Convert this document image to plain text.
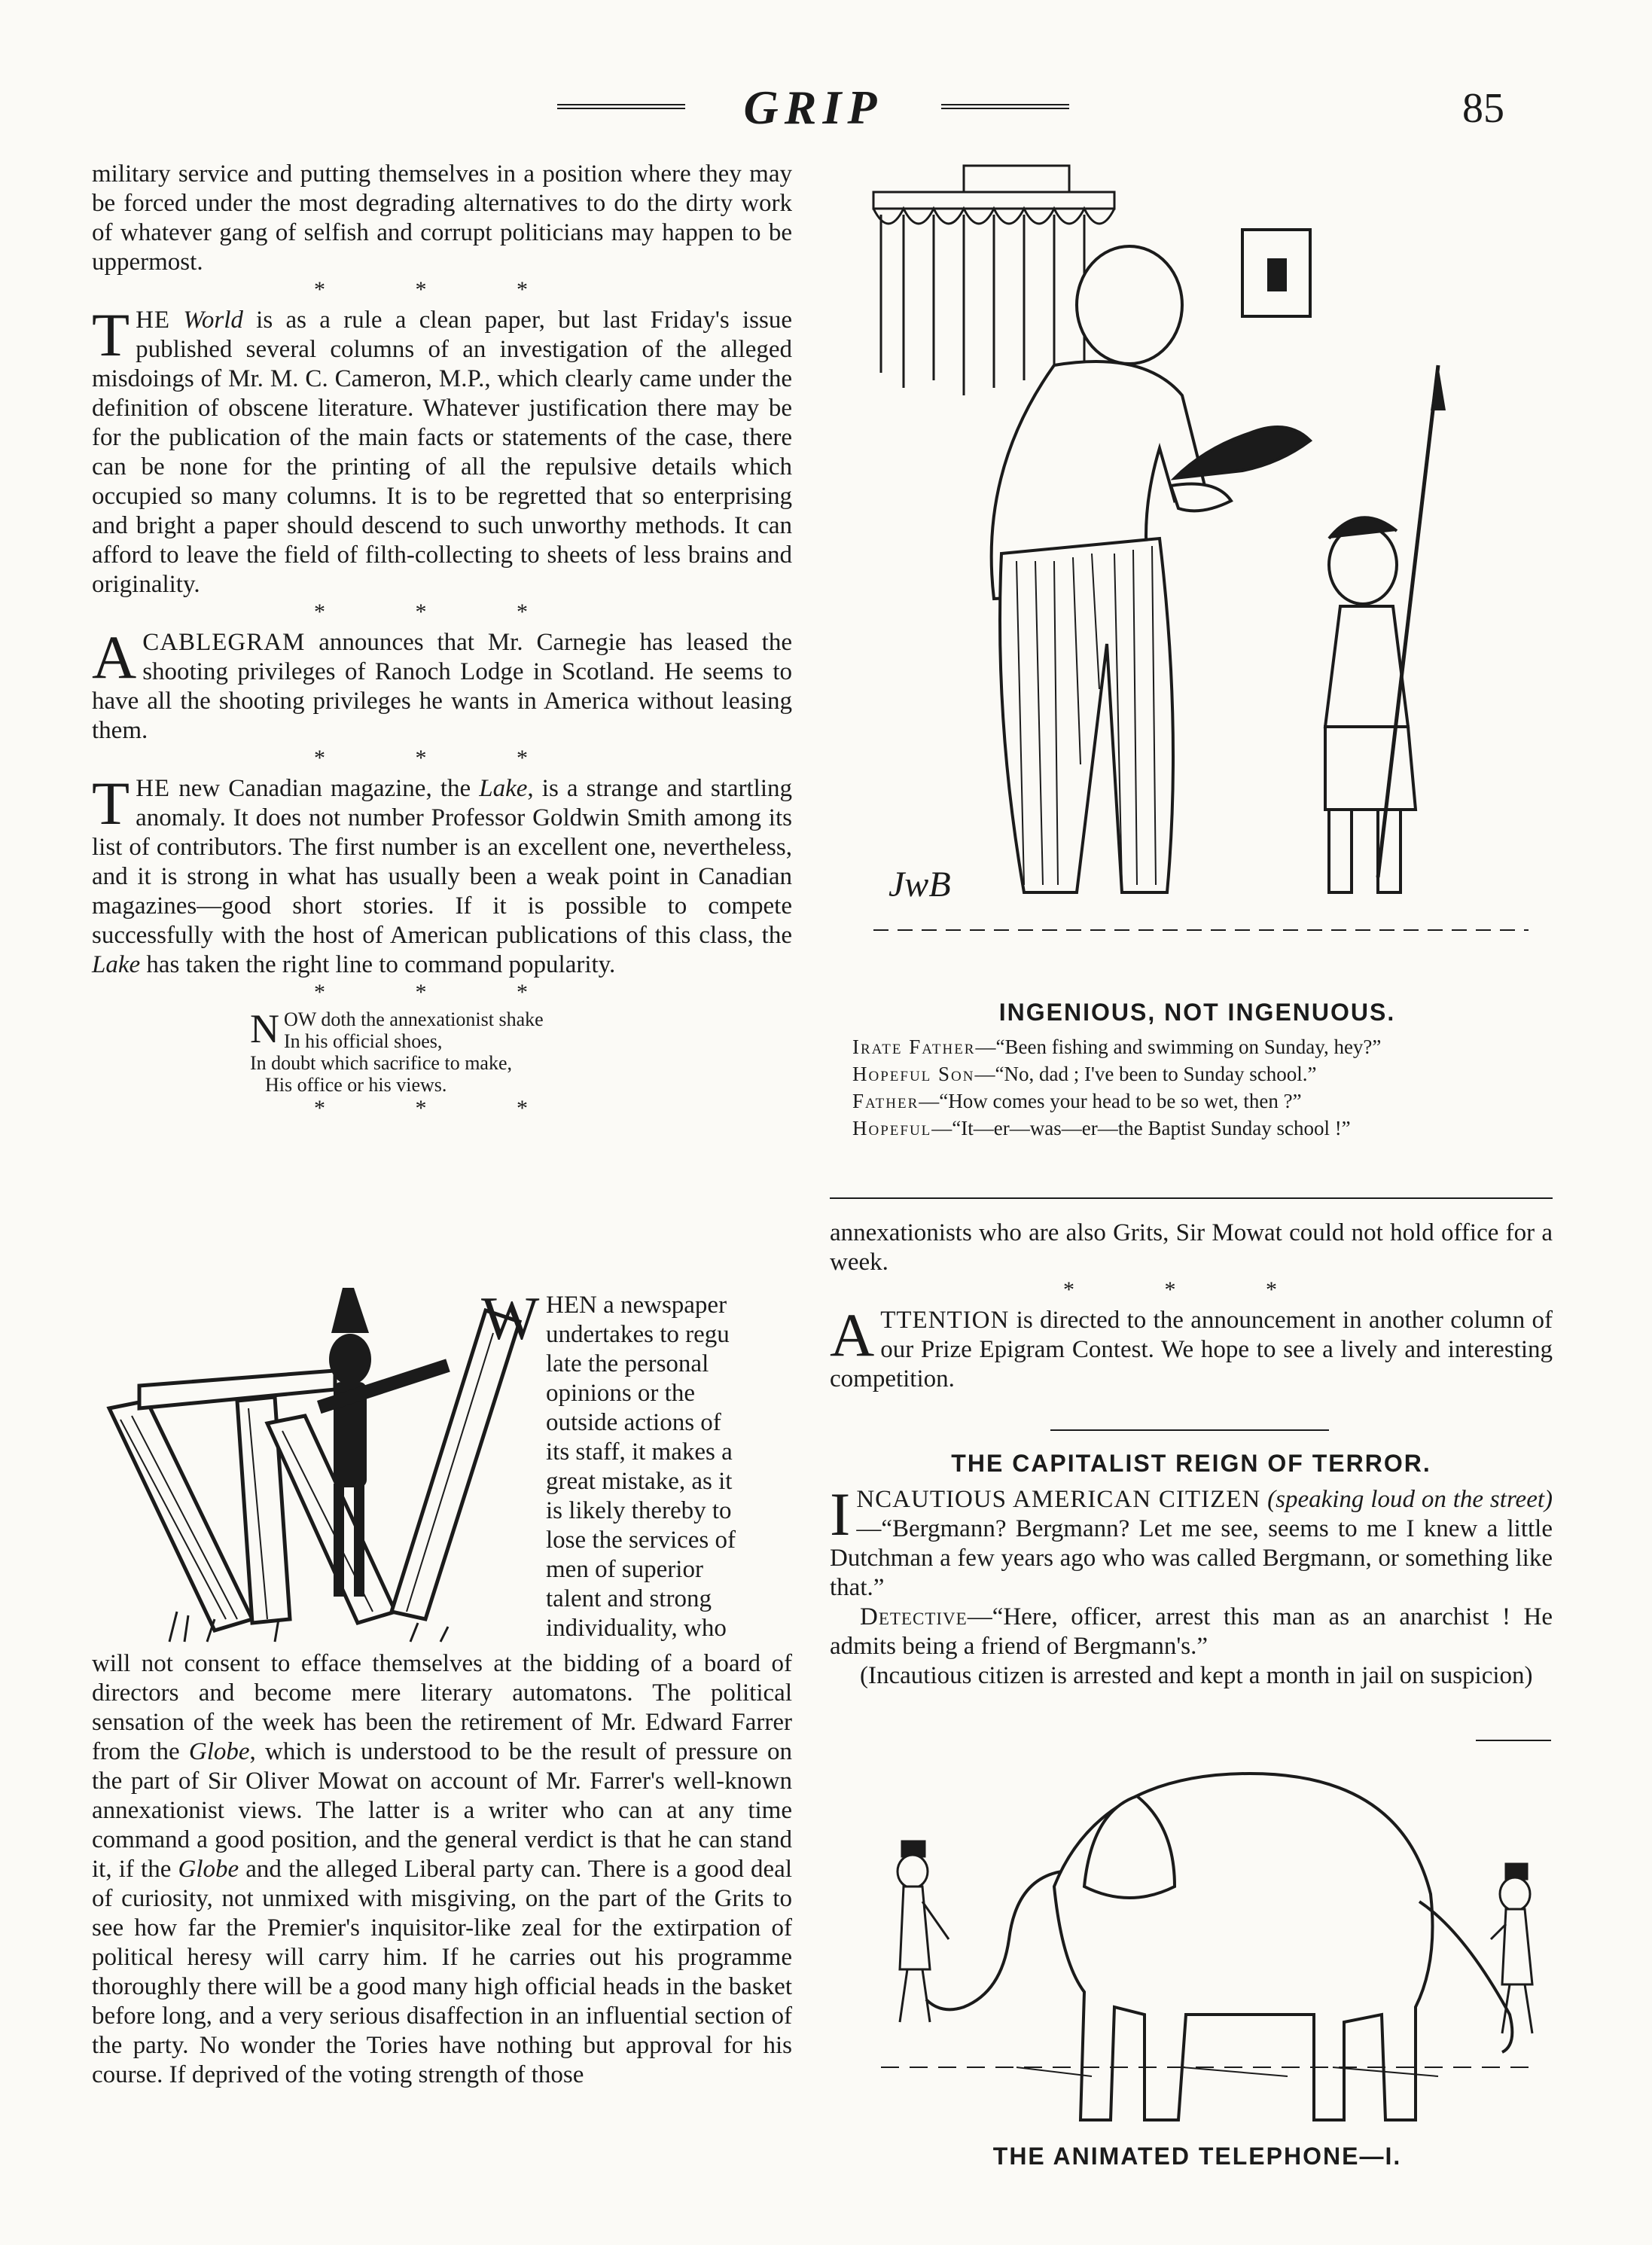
GRIP	85

military service and putting themselves in a position where they may be forced under the most degrading alternatives to do the dirty work of whatever gang of selfish and corrupt politicians may happen to be uppermost.

* * *

THE World is as a rule a clean paper, but last Friday's issue published several columns of an investigation of the alleged misdoings of Mr. M. C. Cameron, M.P., which clearly came under the definition of obscene literature. Whatever justification there may be for the publication of the main facts or statements of the case, there can be none for the printing of all the repulsive details which occupied so many columns. It is to be regretted that so enterprising and bright a paper should descend to such unworthy methods. It can afford to leave the field of filth-collecting to sheets of less brains and originality.

* * *

ACABLEGRAM announces that Mr. Carnegie has leased the shooting privileges of Ranoch Lodge in Scotland. He seems to have all the shooting privileges he wants in America without leasing them.

* * *

THE new Canadian magazine, the Lake, is a strange and startling anomaly. It does not number Professor Goldwin Smith among its list of contributors. The first number is an excellent one, nevertheless, and it is strong in what has usually been a weak point in Canadian magazines—good short stories. If it is possible to compete successfully with the host of American publications of this class, the Lake has taken the right line to command popularity.

* * *
N OW doth the annexationist shake
In his official shoes,
In doubt which sacrifice to make,
His office or his views.
* * *
W HEN a newspaper
undertakes to regu
late the personal
opinions or the
outside actions of
its staff, it makes a
great mistake, as it
is likely thereby to
lose the services of
men of superior
talent and strong
individuality, who

will not consent to efface themselves at the bidding of a board of directors and become mere literary automatons. The political sensation of the week has been the retirement of Mr. Edward Farrer from the Globe, which is understood to be the result of pressure on the part of Sir Oliver Mowat on account of Mr. Farrer's well-known annexationist views. The latter is a writer who can at any time command a good position, and the general verdict is that he can stand it, if the Globe and the alleged Liberal party can. There is a good deal of curiosity, not unmixed with misgiving, on the part of the Grits to see how far the Premier's inquisitor-like zeal for the extirpation of political heresy will carry him. If he carries out his programme thoroughly there will be a good many high official heads in the basket before long, and a very serious disaffection in an influential section of the party. No wonder the Tories have nothing but approval for his course. If deprived of the voting strength of those

JwB
INGENIOUS, NOT INGENUOUS.
Irate Father—“Been fishing and swimming on Sunday, hey?”
Hopeful Son—“No, dad ; I've been to Sunday school.”
Father—“How comes your head to be so wet, then ?”
Hopeful—“It—er—was—er—the Baptist Sunday school !”

annexationists who are also Grits, Sir Mowat could not hold office for a week.

* * *

ATTENTION is directed to the announcement in another column of our Prize Epigram Contest. We hope to see a lively and interesting competition.

THE CAPITALIST REIGN OF TERROR.

INCAUTIOUS AMERICAN CITIZEN (speaking loud on the street)—“Bergmann? Bergmann? Let me see, seems to me I knew a little Dutchman a few years ago who was called Bergmann, or something like that.”

Detective—“Here, officer, arrest this man as an anarchist ! He admits being a friend of Bergmann's.”

(Incautious citizen is arrested and kept a month in jail on suspicion)

THE ANIMATED TELEPHONE—I.
